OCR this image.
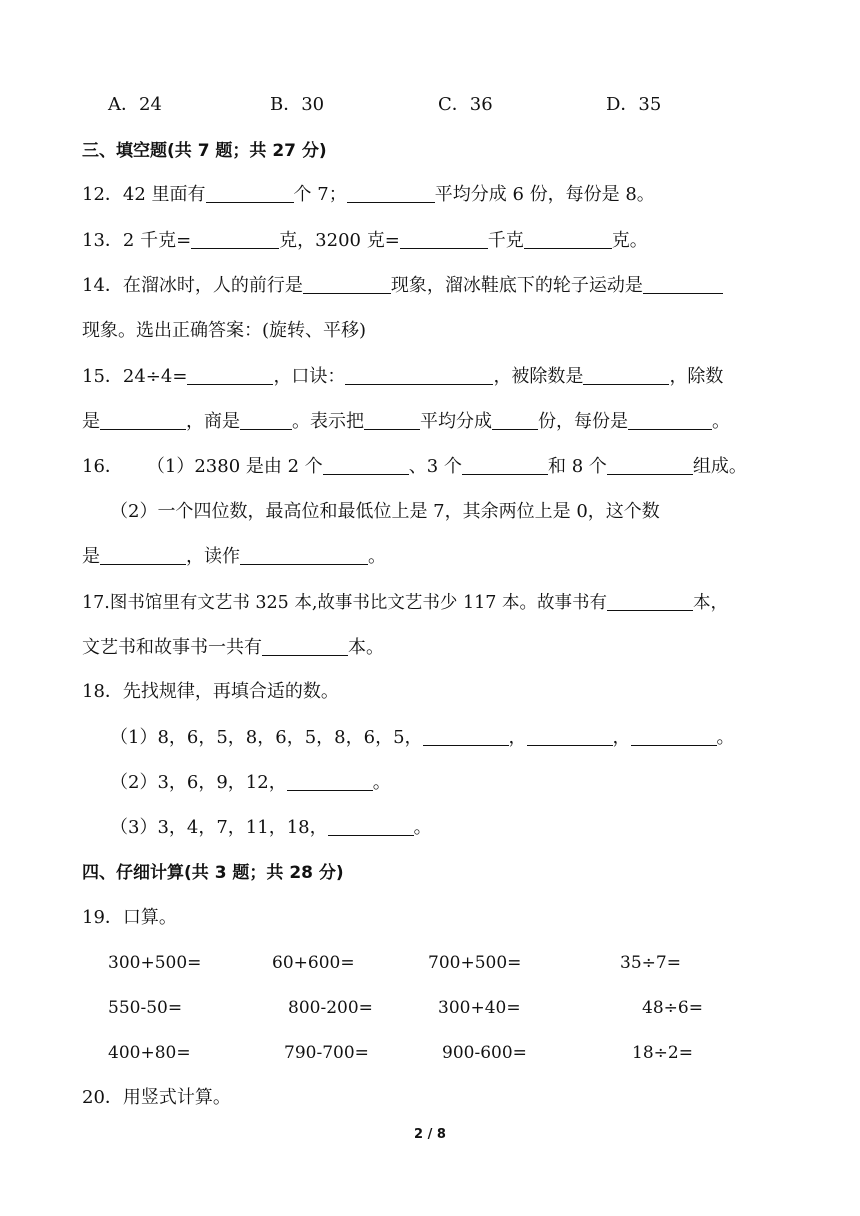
A．24	B．30	C．36	D．35
三、填空题(共 7 题；共 27 分)
12．42 里面有	个 7；	平均分成 6 份，每份是 8。
13．2 千克=	克，3200 克=	千克	克。
14．在溜冰时，人的前行是	现象，溜冰鞋底下的轮子运动是
现象。选出正确答案：(旋转、平移)
15．24÷4=	，口诀：	，被除数是	，除数
是	，商是	。表示把	平均分成	份，每份是	。
16． （1）2380 是由 2 个	、3 个	和 8 个	组成。
（2）一个四位数，最高位和最低位上是 7，其余两位上是 0，这个数
是	，读作	。
17.图书馆里有文艺书 325 本,故事书比文艺书少 117 本。故事书有	本，
文艺书和故事书一共有	本。
18．先找规律，再填合适的数。
（1）8，6，5，8，6，5，8，6，5，	，	，	。
（2）3，6，9，12，	。
（3）3，4，7，11，18，	。
四、仔细计算(共 3 题；共 28 分)
19．口算。
300+500=	60+600=	700+500=	35÷7=
550-50=	800-200=	300+40=	48÷6=
400+80=	790-700=	900-600=	18÷2=
20．用竖式计算。
2 / 8
